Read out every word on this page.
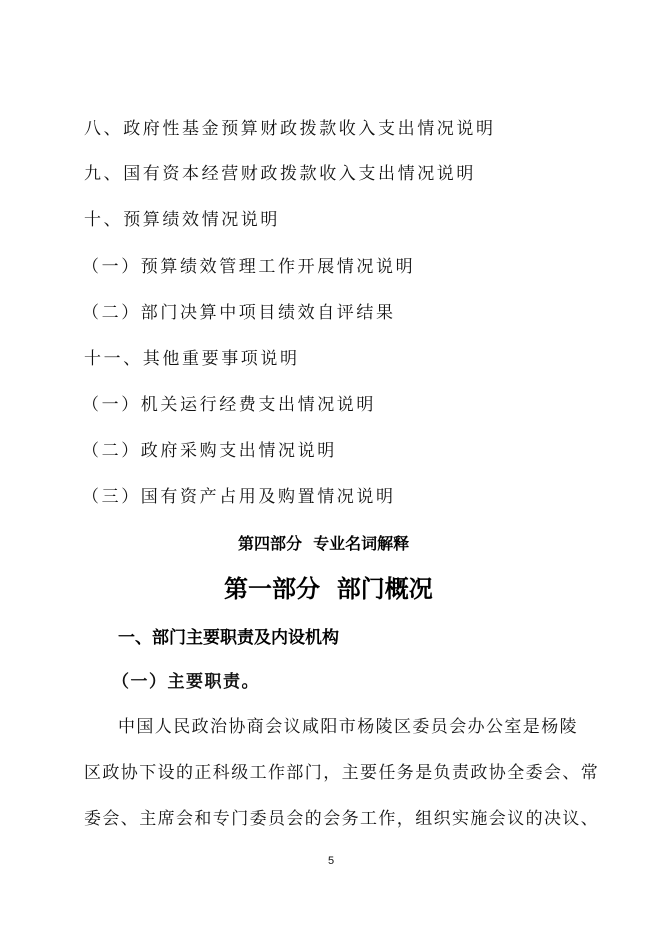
八、政府性基金预算财政拨款收入支出情况说明
九、国有资本经营财政拨款收入支出情况说明
十、预算绩效情况说明
（一）预算绩效管理工作开展情况说明
（二）部门决算中项目绩效自评结果
十一、其他重要事项说明
（一）机关运行经费支出情况说明
（二）政府采购支出情况说明
（三）国有资产占用及购置情况说明
第四部分  专业名词解释
第一部分  部门概况
一、部门主要职责及内设机构
（一）主要职责。
中国人民政治协商会议咸阳市杨陵区委员会办公室是杨陵
区政协下设的正科级工作部门，主要任务是负责政协全委会、常
委会、主席会和专门委员会的会务工作，组织实施会议的决议、
5
